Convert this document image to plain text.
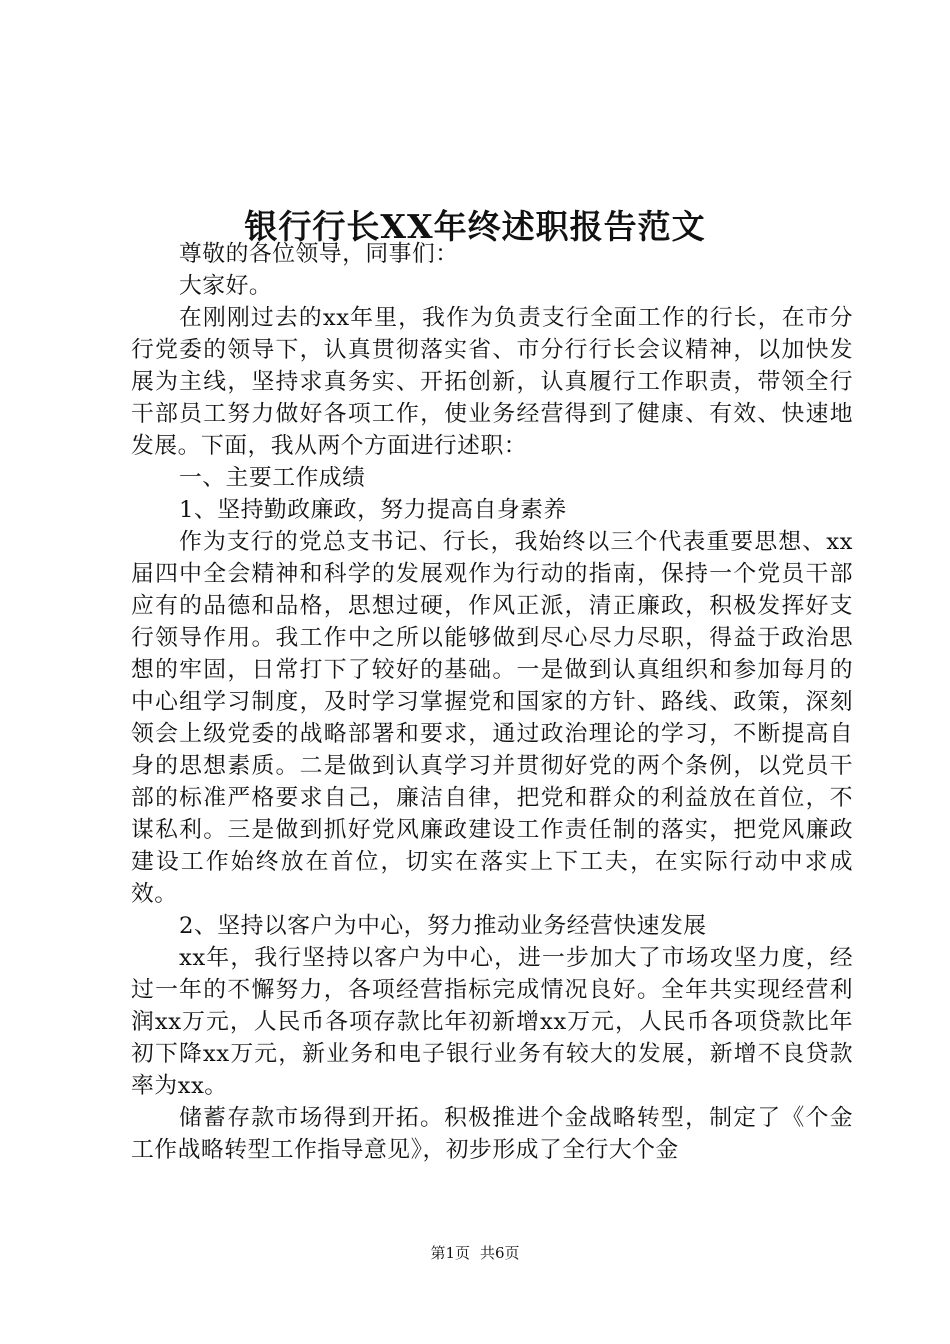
银行行长XX年终述职报告范文

尊敬的各位领导，同事们：

大家好。

在刚刚过去的xx年里，我作为负责支行全面工作的行长，在市分行党委的领导下，认真贯彻落实省、市分行行长会议精神，以加快发展为主线，坚持求真务实、开拓创新，认真履行工作职责，带领全行干部员工努力做好各项工作，使业务经营得到了健康、有效、快速地发展。下面，我从两个方面进行述职：

一、主要工作成绩

1、坚持勤政廉政，努力提高自身素养

作为支行的党总支书记、行长，我始终以三个代表重要思想、xx届四中全会精神和科学的发展观作为行动的指南，保持一个党员干部应有的品德和品格，思想过硬，作风正派，清正廉政，积极发挥好支行领导作用。我工作中之所以能够做到尽心尽力尽职，得益于政治思想的牢固，日常打下了较好的基础。一是做到认真组织和参加每月的中心组学习制度，及时学习掌握党和国家的方针、路线、政策，深刻领会上级党委的战略部署和要求，通过政治理论的学习，不断提高自身的思想素质。二是做到认真学习并贯彻好党的两个条例，以党员干部的标准严格要求自己，廉洁自律，把党和群众的利益放在首位，不谋私利。三是做到抓好党风廉政建设工作责任制的落实，把党风廉政建设工作始终放在首位，切实在落实上下工夫，在实际行动中求成效。

2、坚持以客户为中心，努力推动业务经营快速发展

xx年，我行坚持以客户为中心，进一步加大了市场攻坚力度，经过一年的不懈努力，各项经营指标完成情况良好。全年共实现经营利润xx万元，人民币各项存款比年初新增xx万元，人民币各项贷款比年初下降xx万元，新业务和电子银行业务有较大的发展，新增不良贷款率为xx。

储蓄存款市场得到开拓。积极推进个金战略转型，制定了《个金工作战略转型工作指导意见》，初步形成了全行大个金

第1页 共6页
